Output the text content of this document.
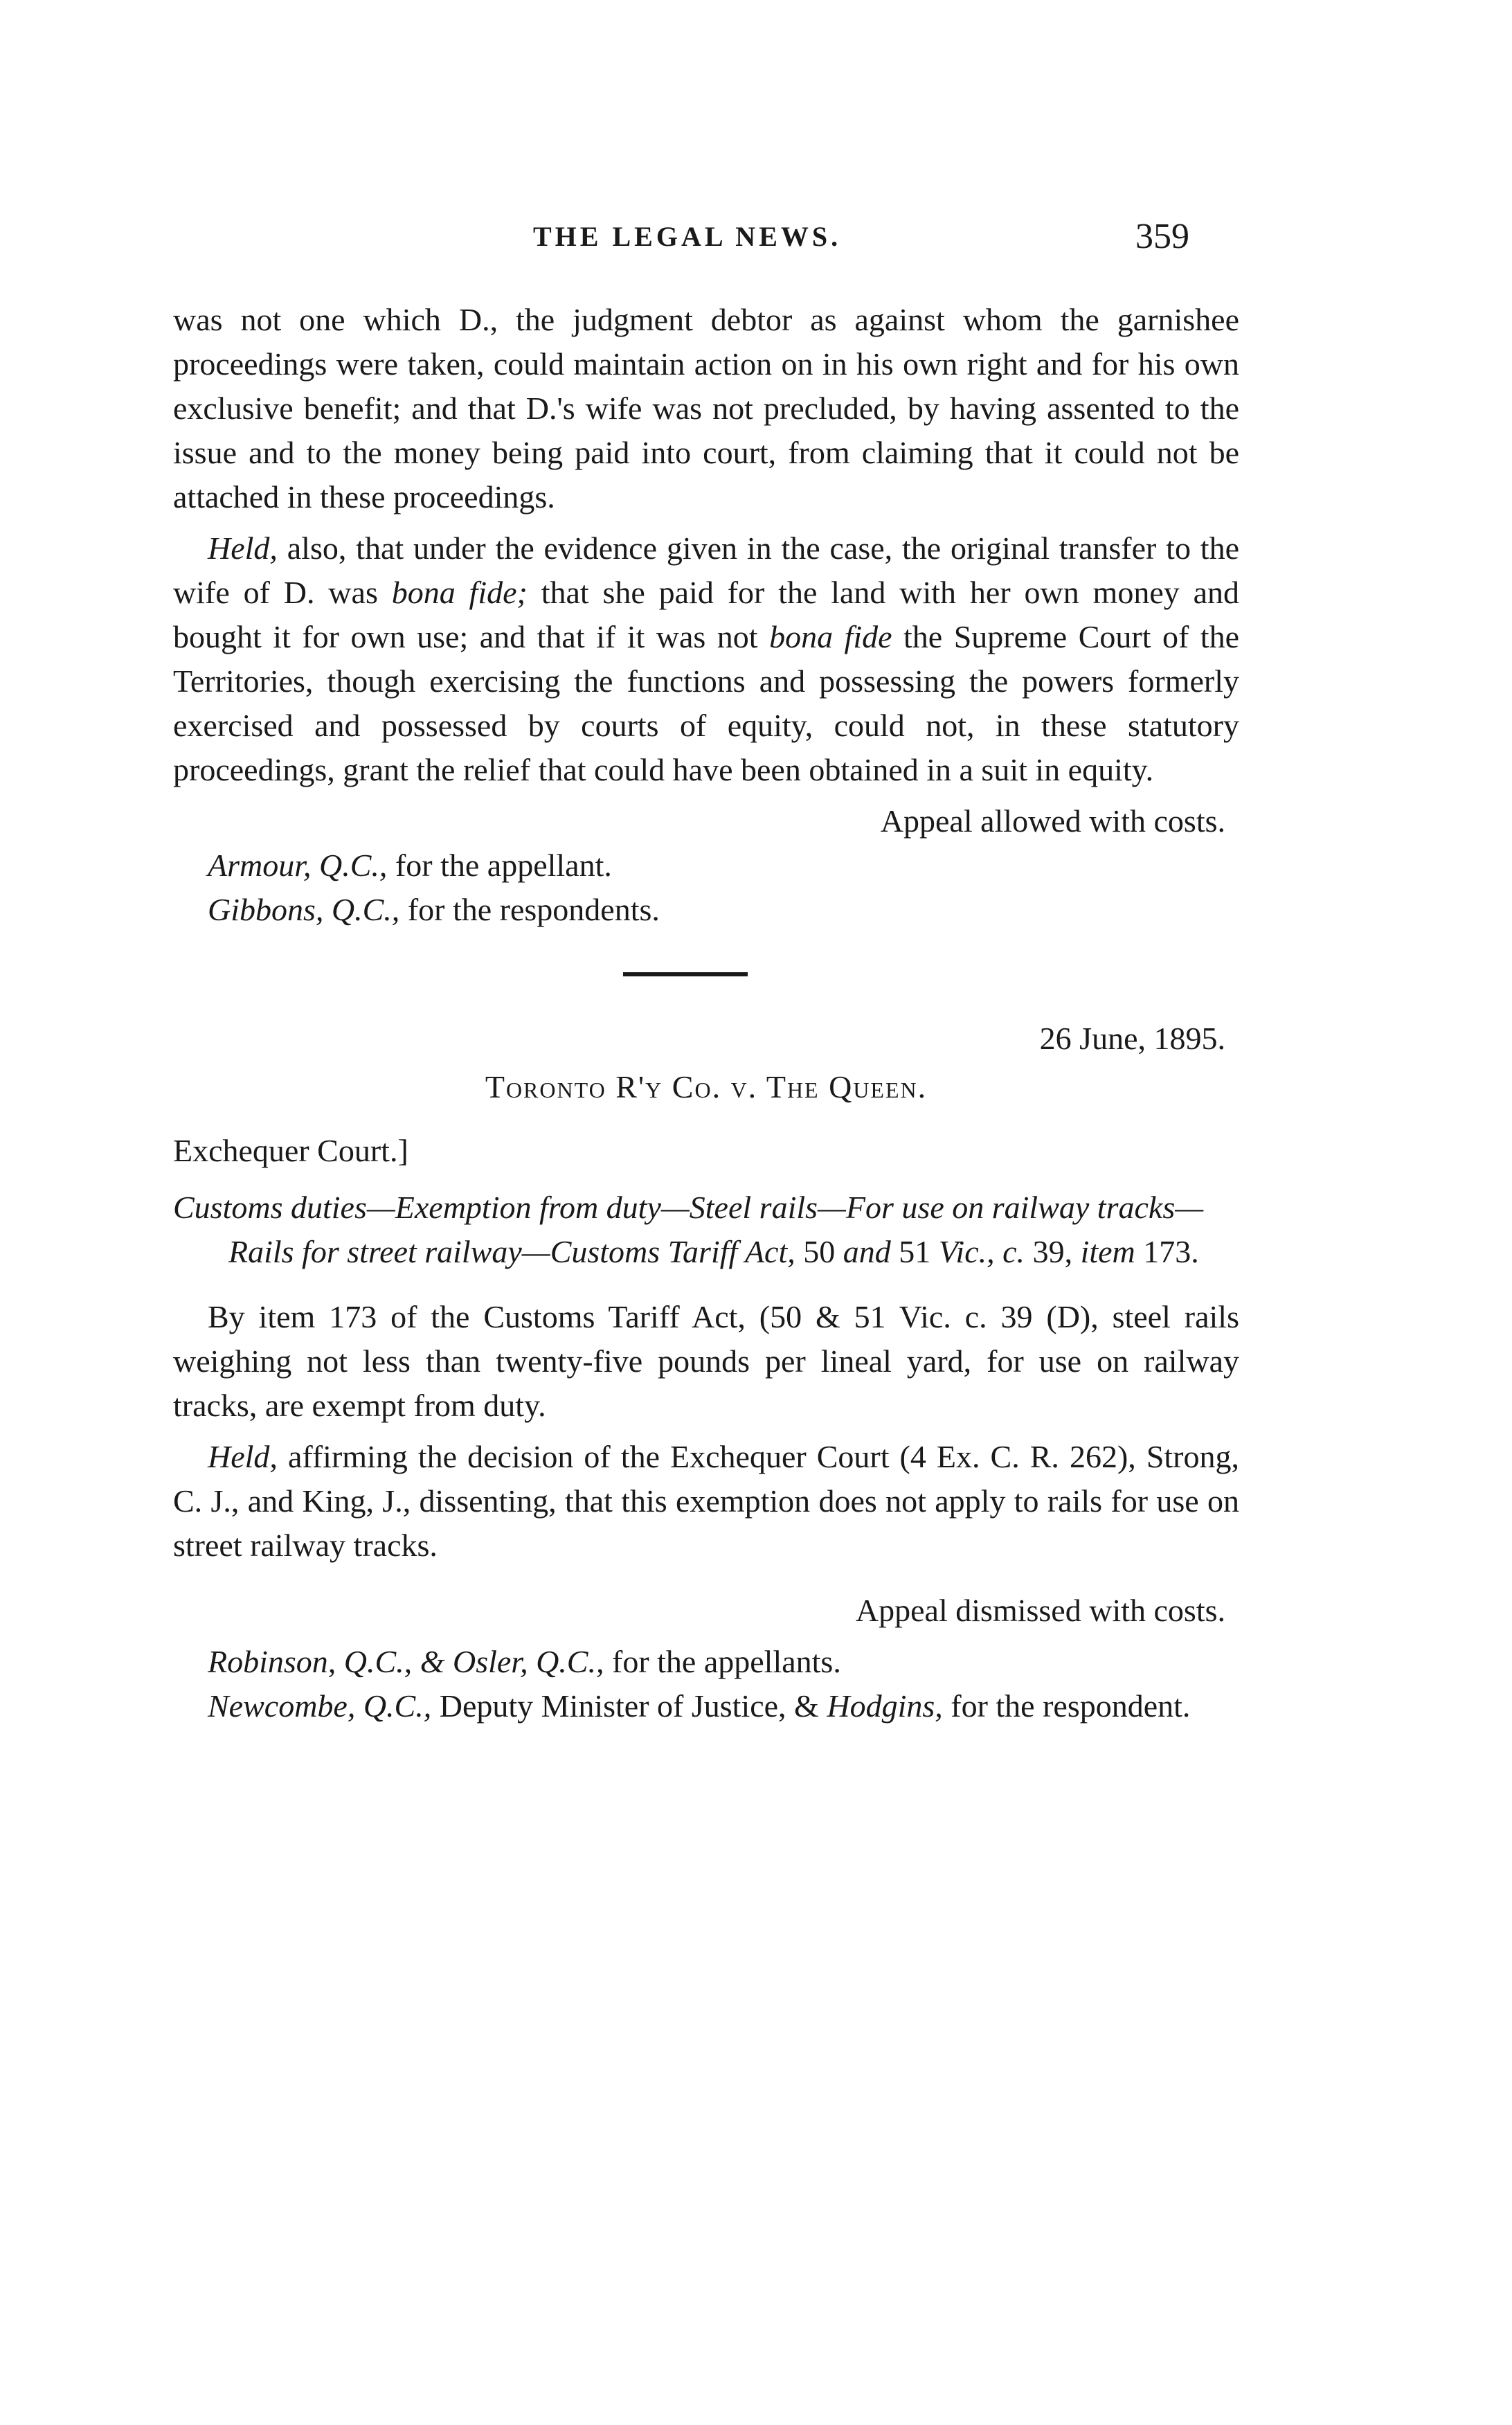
THE LEGAL NEWS.	359

was not one which D., the judgment debtor as against whom the garnishee proceedings were taken, could maintain action on in his own right and for his own exclusive benefit; and that D.'s wife was not precluded, by having assented to the issue and to the money being paid into court, from claiming that it could not be attached in these proceedings.

Held, also, that under the evidence given in the case, the original transfer to the wife of D. was bona fide; that she paid for the land with her own money and bought it for own use; and that if it was not bona fide the Supreme Court of the Territories, though exercising the functions and possessing the powers formerly exercised and possessed by courts of equity, could not, in these statutory proceedings, grant the relief that could have been obtained in a suit in equity.

Appeal allowed with costs.

Armour, Q.C., for the appellant.

Gibbons, Q.C., for the respondents.

26 June, 1895.

Toronto R'y Co. v. The Queen.

Exchequer Court.]

Customs duties—Exemption from duty—Steel rails—For use on railway tracks—Rails for street railway—Customs Tariff Act, 50 and 51 Vic., c. 39, item 173.

By item 173 of the Customs Tariff Act, (50 & 51 Vic. c. 39 (D), steel rails weighing not less than twenty-five pounds per lineal yard, for use on railway tracks, are exempt from duty.

Held, affirming the decision of the Exchequer Court (4 Ex. C. R. 262), Strong, C. J., and King, J., dissenting, that this exemption does not apply to rails for use on street railway tracks.

Appeal dismissed with costs.

Robinson, Q.C., & Osler, Q.C., for the appellants.

Newcombe, Q.C., Deputy Minister of Justice, & Hodgins, for the respondent.
